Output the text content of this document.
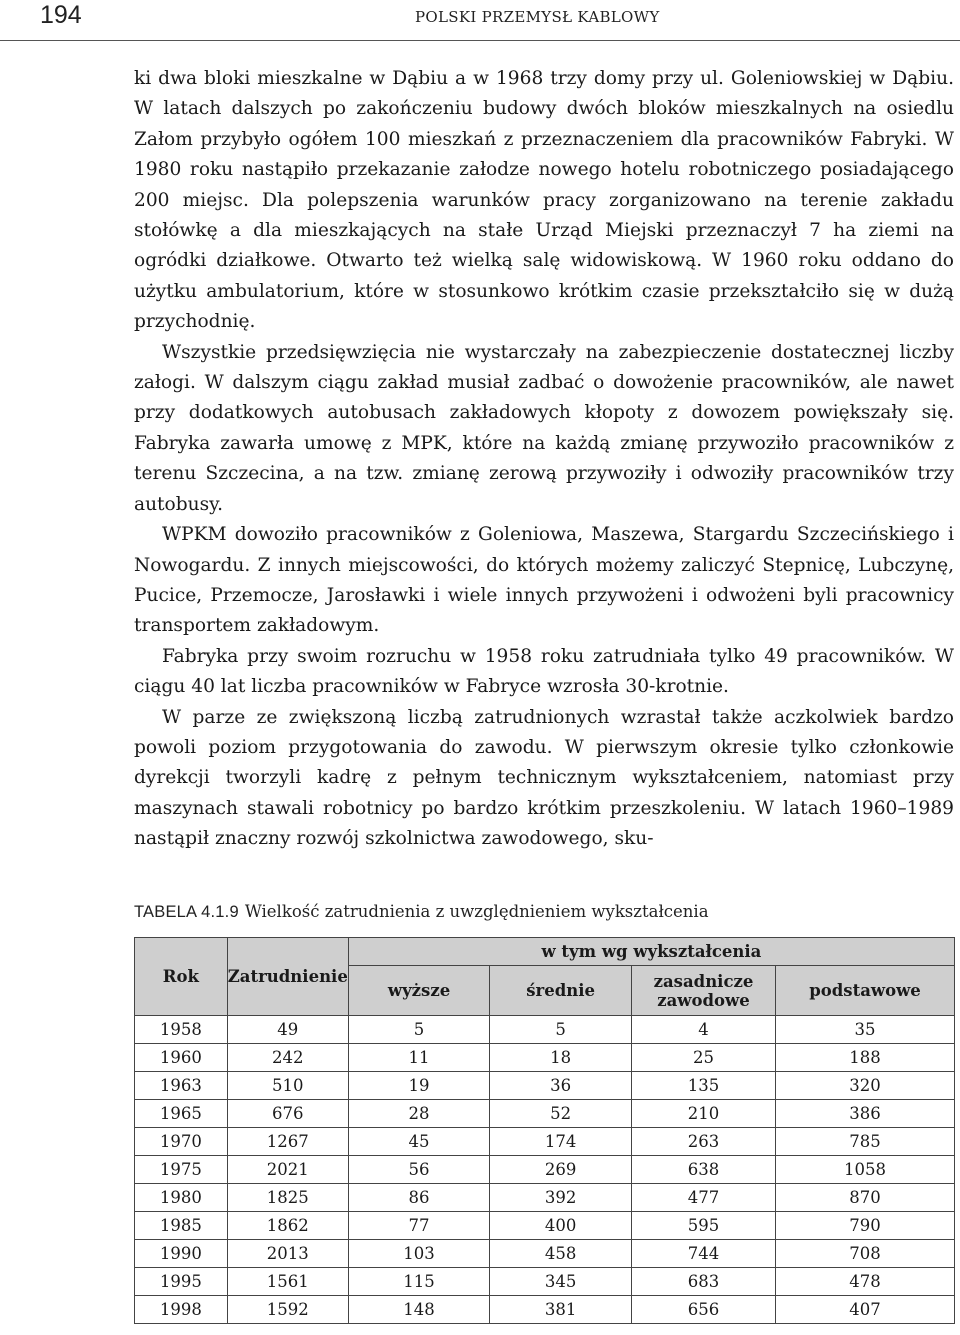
194	POLSKI PRZEMYSŁ KABLOWY

ki dwa bloki mieszkalne w Dąbiu a w 1968 trzy domy przy ul. Goleniowskiej w Dąbiu. W latach dalszych po zakończeniu budowy dwóch bloków mieszkalnych na osiedlu Załom przybyło ogółem 100 mieszkań z przeznaczeniem dla pracowników Fabryki. W 1980 roku nastąpiło przekazanie załodze nowego hotelu robotniczego posiadającego 200 miejsc. Dla polepszenia warunków pracy zorganizowano na terenie zakładu stołówkę a dla mieszkających na stałe Urząd Miejski przeznaczył 7 ha ziemi na ogródki działkowe. Otwarto też wielką salę widowiskową. W 1960 roku oddano do użytku ambulatorium, które w stosunkowo krótkim czasie przekształciło się w dużą przychodnię.

Wszystkie przedsięwzięcia nie wystarczały na zabezpieczenie dostatecznej liczby załogi. W dalszym ciągu zakład musiał zadbać o dowożenie pracowników, ale nawet przy dodatkowych autobusach zakładowych kłopoty z dowozem powiększały się. Fabryka zawarła umowę z MPK, które na każdą zmianę przywoziło pracowników z terenu Szczecina, a na tzw. zmianę zerową przywoziły i odwoziły pracowników trzy autobusy.

WPKM dowoziło pracowników z Goleniowa, Maszewa, Stargardu Szczecińskiego i Nowogardu. Z innych miejscowości, do których możemy zaliczyć Stepnicę, Lubczynę, Pucice, Przemocze, Jarosławki i wiele innych przywożeni i odwożeni byli pracownicy transportem zakładowym.

Fabryka przy swoim rozruchu w 1958 roku zatrudniała tylko 49 pracowników. W ciągu 40 lat liczba pracowników w Fabryce wzrosła 30-krotnie.

W parze ze zwiększoną liczbą zatrudnionych wzrastał także aczkolwiek bardzo powoli poziom przygotowania do zawodu. W pierwszym okresie tylko członkowie dyrekcji tworzyli kadrę z pełnym technicznym wykształceniem, natomiast przy maszynach stawali robotnicy po bardzo krótkim przeszkoleniu. W latach 1960–1989 nastąpił znaczny rozwój szkolnictwa zawodowego, sku-

TABELA 4.1.9 Wielkość zatrudnienia z uwzględnieniem wykształcenia
Rok	Zatrudnienie	w tym wg wykształcenia			
		wyższe	średnie	zasadnicze zawodowe	podstawowe
1958	49	5	5	4	35
1960	242	11	18	25	188
1963	510	19	36	135	320
1965	676	28	52	210	386
1970	1267	45	174	263	785
1975	2021	56	269	638	1058
1980	1825	86	392	477	870
1985	1862	77	400	595	790
1990	2013	103	458	744	708
1995	1561	115	345	683	478
1998	1592	148	381	656	407
